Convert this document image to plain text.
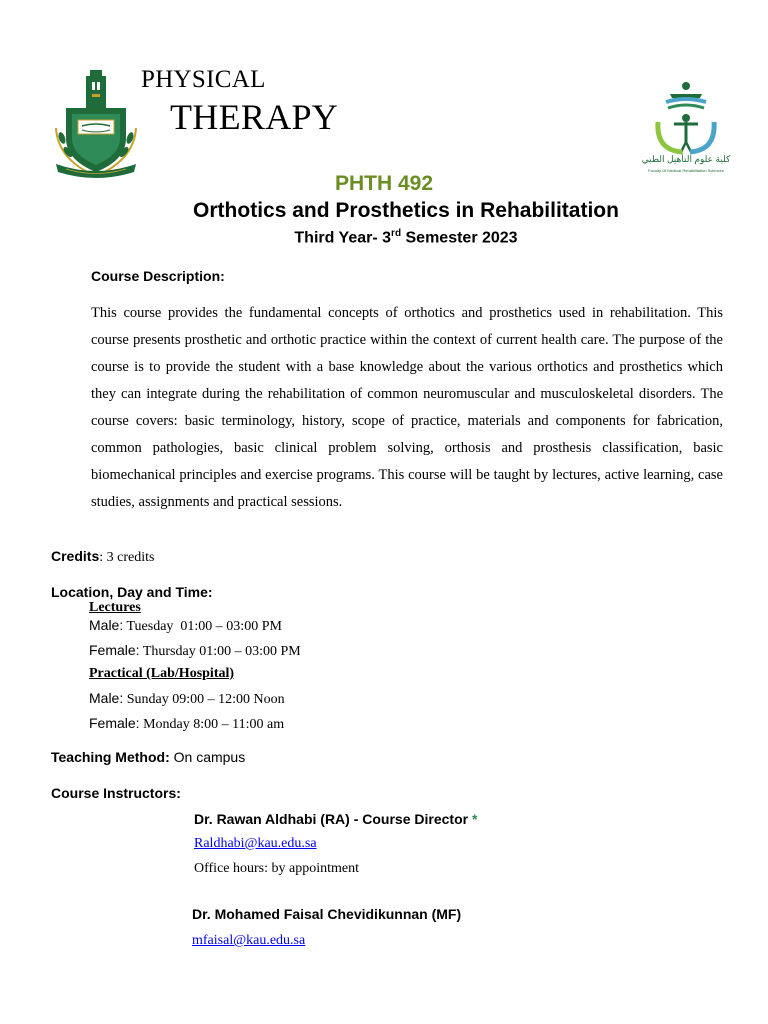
PHYSICAL
THERAPY
كلية علوم التأهيل الطبي
Faculty Of Medical Rehabilitation Sciences
PHTH 492
Orthotics and Prosthetics in Rehabilitation
Third Year- 3rd Semester 2023
Course Description:
This course provides the fundamental concepts of orthotics and prosthetics used in rehabilitation. This course presents prosthetic and orthotic practice within the context of current health care. The purpose of the course is to provide the student with a base knowledge about the various orthotics and prosthetics which they can integrate during the rehabilitation of common neuromuscular and musculoskeletal disorders. The course covers: basic terminology, history, scope of practice, materials and components for fabrication, common pathologies, basic clinical problem solving, orthosis and prosthesis classification, basic biomechanical principles and exercise programs. This course will be taught by lectures, active learning, case studies, assignments and practical sessions.
Credits: 3 credits
Location, Day and Time:
Lectures
Male: Tuesday  01:00 – 03:00 PM
Female: Thursday 01:00 – 03:00 PM
Practical (Lab/Hospital)
Male: Sunday 09:00 – 12:00 Noon
Female: Monday 8:00 – 11:00 am
Teaching Method: On campus
Course Instructors:
Dr. Rawan Aldhabi (RA) - Course Director *
Raldhabi@kau.edu.sa
Office hours: by appointment
Dr. Mohamed Faisal Chevidikunnan (MF)
mfaisal@kau.edu.sa
